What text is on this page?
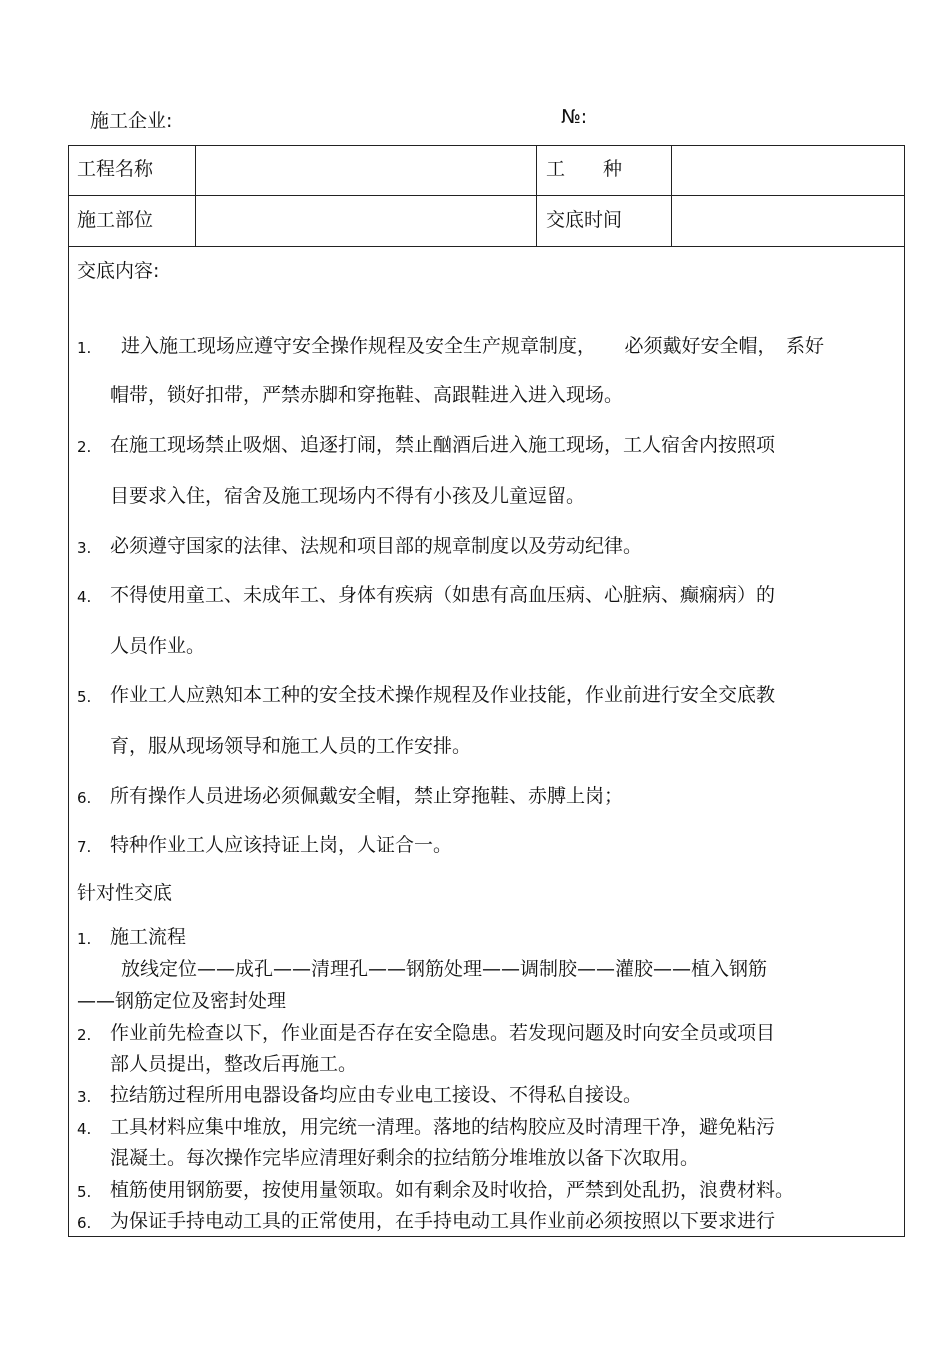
施工企业:	№:
工程名称	工　　种
施工部位	交底时间
交底内容:
1. 进入施工现场应遵守安全操作规程及安全生产规章制度，　　必须戴好安全帽，　系好
帽带，锁好扣带，严禁赤脚和穿拖鞋、高跟鞋进入进入现场。
2. 在施工现场禁止吸烟、追逐打闹，禁止酗酒后进入施工现场，工人宿舍内按照项
目要求入住，宿舍及施工现场内不得有小孩及儿童逗留。
3. 必须遵守国家的法律、法规和项目部的规章制度以及劳动纪律。
4. 不得使用童工、未成年工、身体有疾病（如患有高血压病、心脏病、癫痫病）的
人员作业。
5. 作业工人应熟知本工种的安全技术操作规程及作业技能，作业前进行安全交底教
育，服从现场领导和施工人员的工作安排。
6. 所有操作人员进场必须佩戴安全帽，禁止穿拖鞋、赤膊上岗；
7. 特种作业工人应该持证上岗，人证合一。
针对性交底
1. 施工流程
放线定位——成孔——清理孔——钢筋处理——调制胶——灌胶——植入钢筋
——钢筋定位及密封处理
2. 作业前先检查以下，作业面是否存在安全隐患。若发现问题及时向安全员或项目
部人员提出，整改后再施工。
3. 拉结筋过程所用电器设备均应由专业电工接设、不得私自接设。
4. 工具材料应集中堆放，用完统一清理。落地的结构胶应及时清理干净，避免粘污
混凝土。每次操作完毕应清理好剩余的拉结筋分堆堆放以备下次取用。
5. 植筋使用钢筋要，按使用量领取。如有剩余及时收拾，严禁到处乱扔，浪费材料。
6. 为保证手持电动工具的正常使用，在手持电动工具作业前必须按照以下要求进行
